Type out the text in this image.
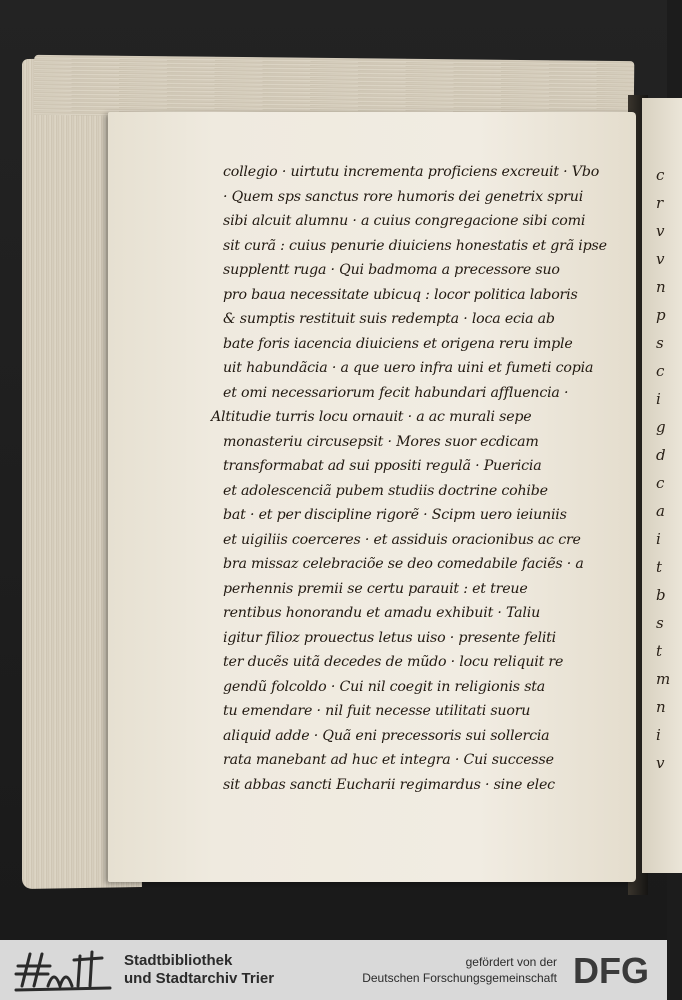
c
r
v
v
n
p
s
c
i
g
d
c
a
i
t
b
s
t
m
n
i
v
collegio · uirtutu incrementa proficiens excreuit · Vbo
· Quem sps sanctus rore humoris dei genetrix sprui
sibi alcuit alumnu · a cuius congregacione sibi comi
sit curã : cuius penurie diuiciens honestatis et grã ipse
supplentt ruga · Qui badmoma a precessore suo
pro baua necessitate ubicuq : locor politica laboris
& sumptis restituit suis redempta · loca ecia ab
bate foris iacencia diuiciens et origena reru imple
uit habundãcia · a que uero infra uini et fumeti copia
et omi necessariorum fecit habundari affluencia ·
Altitudie turris locu ornauit · a ac murali sepe
monasteriu circusepsit · Mores suor ecdicam
transformabat ad sui ppositi regulã · Puericia
et adolescenciã pubem studiis doctrine cohibe
bat · et per discipline rigorẽ · Scipm uero ieiuniis
et uigiliis coerceres · et assiduis oracionibus ac cre
bra missaz celebraciõe se deo comedabile faciẽs · a
perhennis premii se certu parauit : et treue
rentibus honorandu et amadu exhibuit · Taliu
igitur filioz prouectus letus uiso · presente feliti
ter ducẽs uitã decedes de mũdo · locu reliquit re
gendũ folcoldo · Cui nil coegit in religionis sta
tu emendare · nil fuit necesse utilitati suoru
aliquid adde · Quã eni precessoris sui sollercia
rata manebant ad huc et integra · Cui successe
sit abbas sancti Eucharii regimardus · sine elec
Stadtbibliothek
und Stadtarchiv Trier
gefördert von der
Deutschen Forschungsgemeinschaft DFG
